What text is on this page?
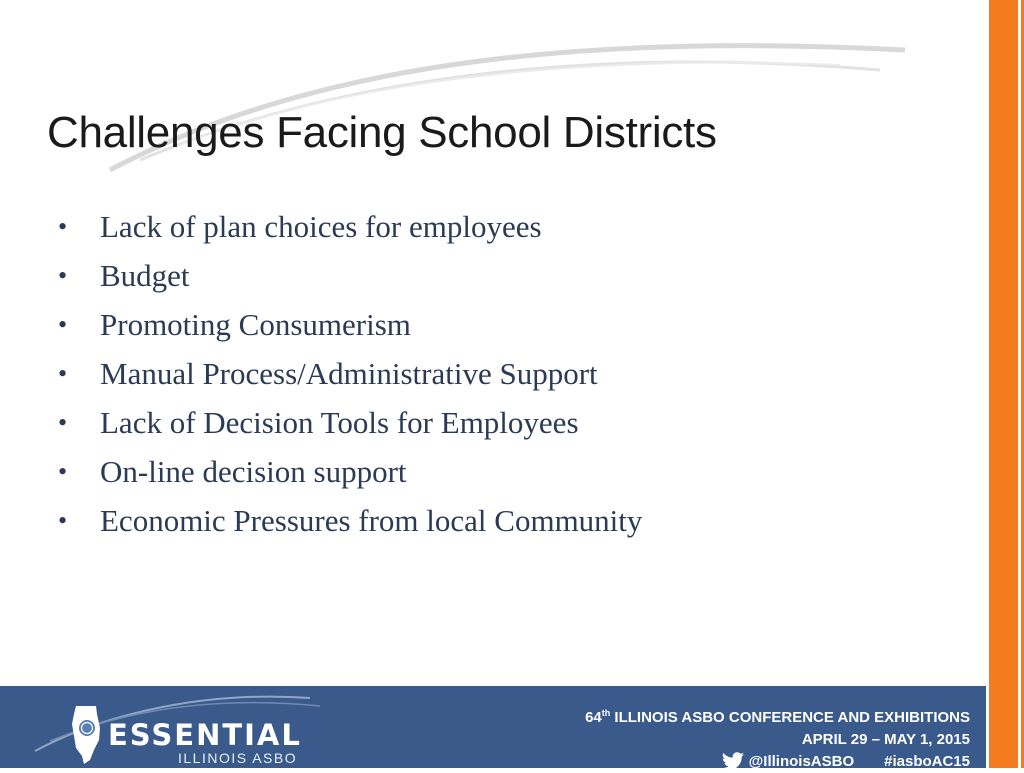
Challenges Facing School Districts
•	Lack of plan choices for employees
•	Budget
•	Promoting Consumerism
•	Manual Process/Administrative Support
•	Lack of Decision Tools for Employees
•	On-line decision support
•	Economic Pressures from local Community
ESSENTIAL
ILLINOIS ASBO
64th ILLINOIS ASBO CONFERENCE AND EXHIBITIONS
APRIL 29 – MAY 1, 2015
@IllinoisASBO #iasboAC15
